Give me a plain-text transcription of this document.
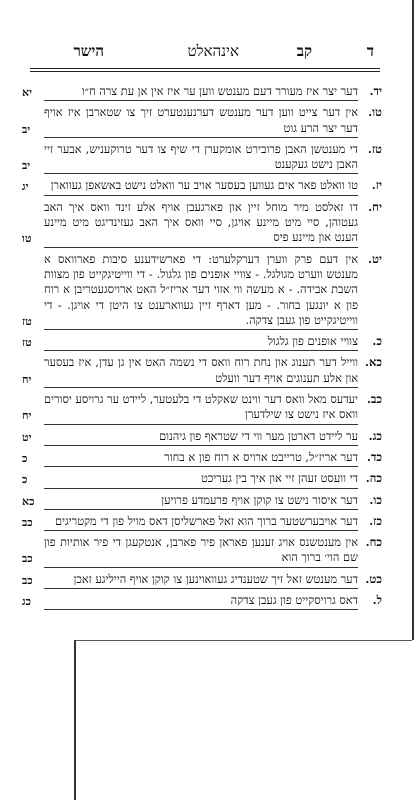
ד
קב
אינהאלט
הישר
יד.
דער יצר איז מעורר דעם מענטש ווען ער איז אין אן עת צרה ח״ו
יא
טו.
אין דער צייט ווען דער מענטש דערנענטערט זיך צו שטארבן איז אויף דער יצר הרע גוט
יב
טז.
די מענטשן האבן פרובירט אומקערן די שיף צו דער טרוקעניש, אבער זיי האבן נישט געקענט
יב
יז.
טו וואלט פאר אים געווען בעסער אויב ער וואלט נישט באשאפן געווארן
יג
יח.
דו זאלסט מיר מוחל זיין און פארגעבן אויף אלע זינד וואס איך האב געטוהן, סיי מיט מיינע אויגן, סיי וואס איך האב געזינדיגט מיט מיינע הענט און מיינע פיס
טו
יט.
אין דעם פרק ווערן דערקלערט: די פארשידענע סיבות פארוואס א מענטש ווערט מגולגל. - צוויי אופנים פון גלגול. - די ווייטיגקייט פון מצוות השבת אבידה. - א מעשה ווי אזוי דער אריז״ל האט ארויסגעטריבן א רוח פון א יונגען בחור. - מען דארף זיין געווארענט צו היטן די אויגן. - די ווייטיגקייט פון געבן צדקה.
טז
כ.
צוויי אופנים פון גלגול
טז
כא.
ווייל דער תענוג און נחת רוח וואס די נשמה האט אין גן עדן, איז בעסער און אלע תענוגים אויף דער וועלט
יח
כב.
יעדעס מאל וואס דער ווינט שאקלט די בלעטער, ליידט ער גרויסע יסורים וואס איז נישט צו שילדערן
יח
כג.
ער ליידט דארטן מער ווי די שטראף פון גיהנום
יט
כד.
דער אריז״ל, טרייבט ארויס א רוח פון א בחור
כ
כה.
די וועסט זעהן זיי און איך בין געריכט
כ
כו.
דער איסור נישט צו קוקן אויף פרעמדע פרויען
כא
כז.
דער אויבערשטער ברוך הוא זאל פארשליסן דאס מויל פון די מקטריגים
כב
כח.
אין מענטשנס אויג זענען פאראן פיר פארבן, אנטקעגן די פיר אותיות פון שם הוי׳ ברוך הוא
כב
כט.
דער מענטש זאל זיך שטענדיג געוואוינען צו קוקן אויף הייליגע זאכן
כב
ל.
דאס גרויסקייט פון געבן צדקה
כג
